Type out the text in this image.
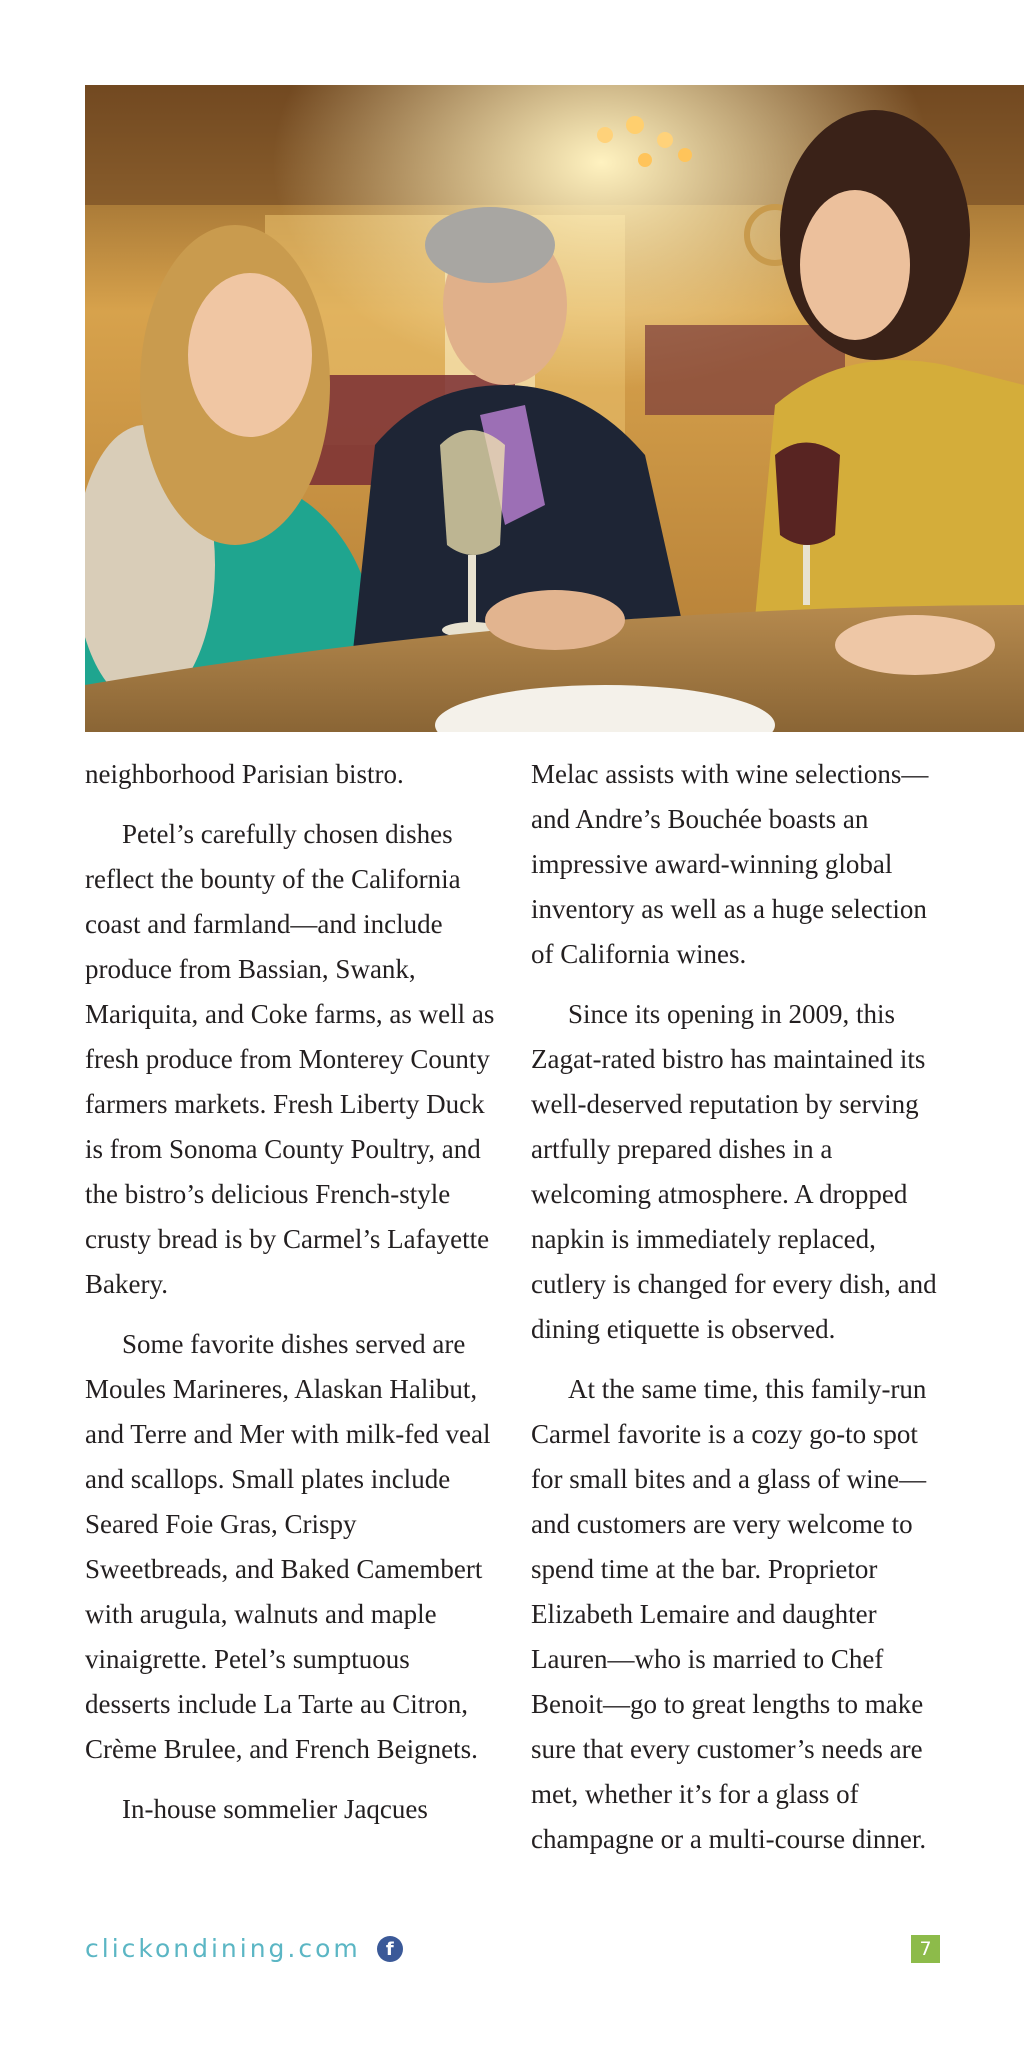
neighborhood Parisian bistro.

Petel’s carefully chosen dishes reflect the bounty of the California coast and farmland—and include produce from Bassian, Swank, Mariquita, and Coke farms, as well as fresh produce from Monterey County farmers markets. Fresh Liberty Duck is from Sonoma County Poultry, and the bistro’s delicious French-style crusty bread is by Carmel’s Lafayette Bakery.

Some favorite dishes served are Moules Marineres, Alaskan Halibut, and Terre and Mer with milk-fed veal and scallops. Small plates include Seared Foie Gras, Crispy Sweetbreads, and Baked Camembert with arugula, walnuts and maple vinaigrette. Petel’s sumptuous desserts include La Tarte au Citron, Crème Brulee, and French Beignets.

In-house sommelier Jaqcues

Melac assists with wine selections—and Andre’s Bouchée boasts an impressive award-winning global inventory as well as a huge selection of California wines.

Since its opening in 2009, this Zagat-rated bistro has maintained its well-deserved reputation by serving artfully prepared dishes in a welcoming atmosphere. A dropped napkin is immediately replaced, cutlery is changed for every dish, and dining etiquette is observed.

At the same time, this family-run Carmel favorite is a cozy go-to spot for small bites and a glass of wine—and customers are very welcome to spend time at the bar. Proprietor Elizabeth Lemaire and daughter Lauren—who is married to Chef Benoit—go to great lengths to make sure that every customer’s needs are met, whether it’s for a glass of champagne or a multi-course dinner.

clickondining.com	f	7
